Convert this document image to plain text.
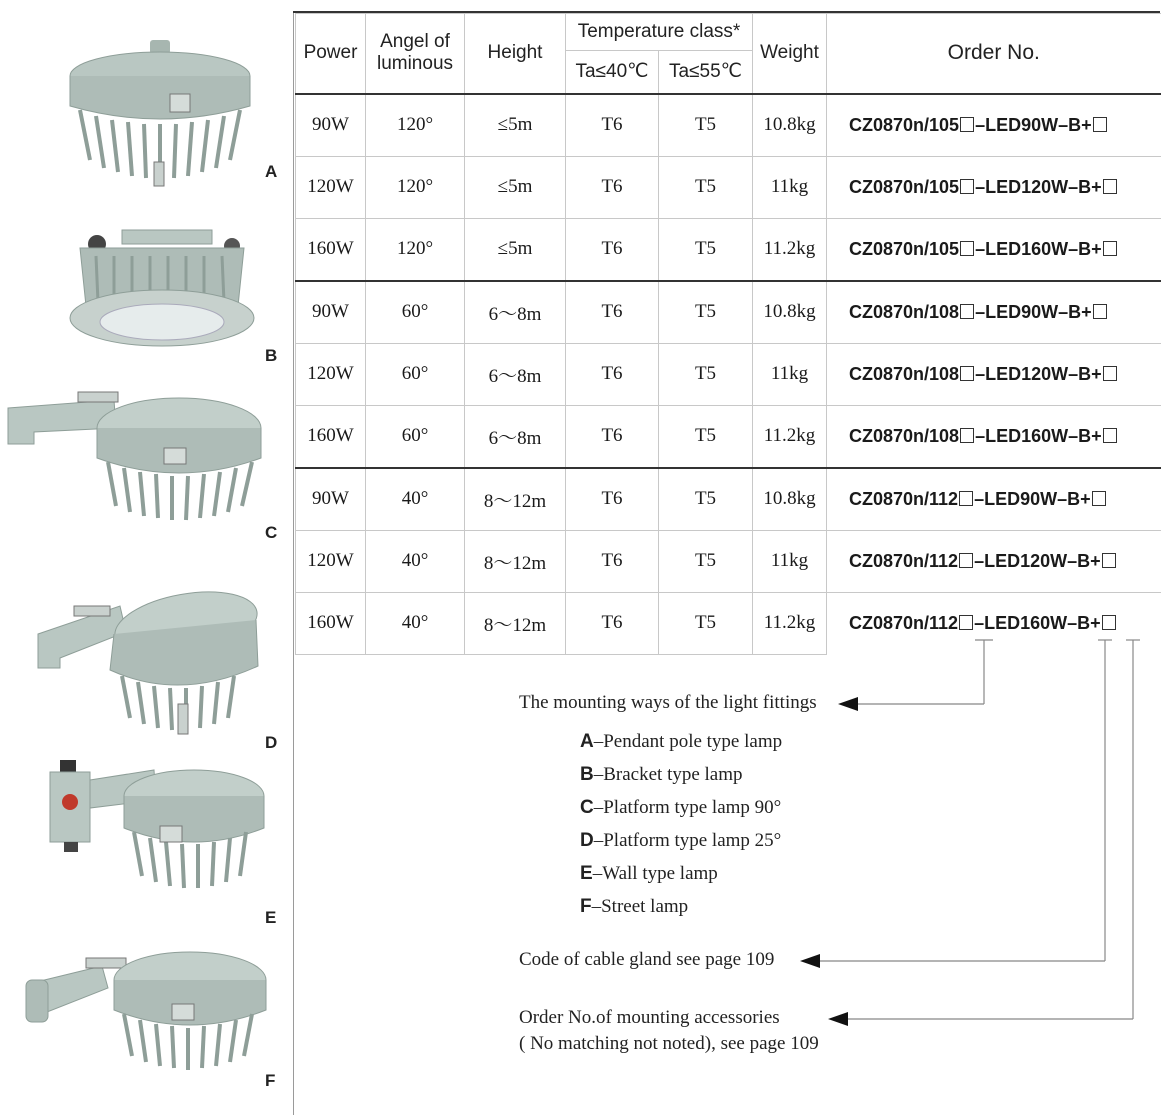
A
B
C
D
E
F
Power	Angel of luminous	Height	Temperature class*		Weight	Order No.
			Ta≤40℃	Ta≤55℃		
90W	120°	≤5m	T6	T5	10.8kg	CZ0870n/105 –LED90W–B+
120W	120°	≤5m	T6	T5	11kg	CZ0870n/105 –LED120W–B+
160W	120°	≤5m	T6	T5	11.2kg	CZ0870n/105 –LED160W–B+
90W	60°	6～8m	T6	T5	10.8kg	CZ0870n/108 –LED90W–B+
120W	60°	6～8m	T6	T5	11kg	CZ0870n/108 –LED120W–B+
160W	60°	6～8m	T6	T5	11.2kg	CZ0870n/108 –LED160W–B+
90W	40°	8～12m	T6	T5	10.8kg	CZ0870n/112 –LED90W–B+
120W	40°	8～12m	T6	T5	11kg	CZ0870n/112 –LED120W–B+
160W	40°	8～12m	T6	T5	11.2kg	CZ0870n/112 –LED160W–B+
The mounting ways of the light fittings
A–Pendant pole type lamp
B–Bracket type lamp
C–Platform type lamp 90°
D–Platform type lamp 25°
E–Wall type lamp
F–Street lamp
Code of cable gland see page 109
Order No.of mounting accessories
( No matching not noted), see page 109
